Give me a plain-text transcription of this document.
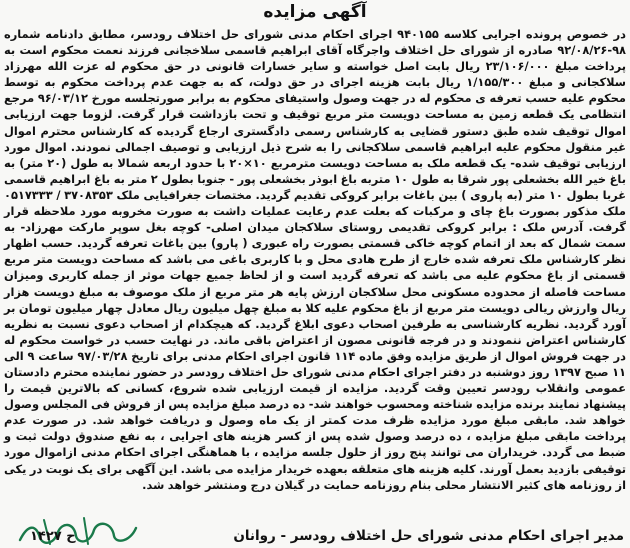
آگهی مزایده

در خصوص پرونده اجرایی کلاسه ۹۴۰۱۵۵ اجرای احکام مدنی شورای حل اختلاف رودسر، مطابق دادنامه شماره ۹۸-۹۲/۰۸/۲۶ صادره از شورای حل اختلاف واجرگاه آقای ابراهیم قاسمی سلاخجانی فرزند نعمت محکوم است به پرداخت مبلغ ۲۳/۱۰۶/۰۰۰ ریال بابت اصل خواسته و سایر خسارات قانونی در حق محکوم له عزت الله مهرزاد سلاکجانی و مبلغ ۱/۱۵۵/۳۰۰ ریال بابت هزینه اجرای در حق دولت، که به جهت عدم پرداخت محکوم به توسط محکوم علیه حسب تعرفه ی محکوم له در جهت وصول واستیفای محکوم به برابر صورتجلسه مورخ ۹۶/۰۳/۱۲ مرجع انتظامی یک قطعه زمین به مساحت دویست متر مربع توقیف و تحت بازداشت قرار گرفت. لزوما جهت ارزیابی اموال توقیف شده طبق دستور قضایی به کارشناس رسمی دادگستری ارجاع گردیده که کارشناس محترم اموال غیر منقول محکوم علیه ابراهیم قاسمی سلاکجانی را به شرح ذیل ارزیابی و توصیف اجمالی نمودند. اموال مورد ارزیابی توقیف شده- یک قطعه ملک به مساحت دویست مترمربع ۱۰×۲۰ با حدود اربعه شمالا به طول (۲۰ متر) به باغ خیر الله بخشعلی پور شرقا به طول ۱۰ متربه باغ ابوذر بخشعلی پور - جنوبا بطول ۲ متر به باغ ابراهیم قاسمی غربا بطول ۱۰ متر (به پاروی ) بین باغات برابر کروکی تقدیم گردید. مختصات جغرافیایی ملک ۳۷۰۸۳۵۳ / ۰۵۱۷۳۳۳ ملک مذکور بصورت باغ چای و مرکبات که بعلت عدم رعایت عملیات داشت به صورت مخروبه مورد ملاحظه قرار گرفت. آدرس ملک : برابر کروکی تقدیمی روستای سلاکجان میدان اصلی- کوچه بغل سوپر مارکت مهرزاد- به سمت شمال که بعد از اتمام کوچه خاکی قسمتی بصورت راه عبوری ( پارو) بین باغات تعرفه گردید. حسب اظهار نظر کارشناس ملک تعرفه شده خارج از طرح هادی محل و با کاربری باغی می باشد که مساحت دویست متر مربع قسمتی از باغ محکوم علیه می باشد که تعرفه گردید است و از لحاظ جمیع جهات موثر از جمله کاربری ومیزان مساحت فاصله از محدوده مسکونی محل سلاکجان ارزش پایه هر متر مربع از ملک موصوف به مبلغ دویست هزار ریال وارزش ریالی دویست متر مربع از باغ محکوم علیه کلا به مبلغ چهل میلیون ریال معادل چهار میلیون تومان بر آورد گردید. نظریه کارشناسی به طرفین اصحاب دعوی ابلاغ گردید. که هیچکدام از اصحاب دعوی نسبت به نظریه کارشناس اعتراض ننمودند و در فرجه قانونی مصون از اعتراض باقی ماند. در نهایت حسب در خواست محکوم له در جهت فروش اموال از طریق مزایده وفق ماده ۱۱۴ قانون اجرای احکام مدنی برای تاریخ ۹۷/۰۳/۲۸ ساعت ۹ الی ۱۱ صبح ۱۳۹۷ روز دوشنبه در دفتر اجرای احکام مدنی شورای حل اختلاف رودسر در حضور نماینده محترم دادستان عمومی وانقلاب رودسر تعیین وقت گردید. مزایده از قیمت ارزیابی شده شروع، کسانی که بالاترین قیمت را پیشنهاد نمایند برنده مزایده شناخته ومحسوب خواهند شد- ده درصد مبلغ مزایده پس از فروش فی المجلس وصول خواهد شد. مابقی مبلغ مورد مزایده ظرف مدت کمتر از یک ماه وصول و دریافت خواهد شد. در صورت عدم پرداخت مابقی مبلغ مزایده ، ده درصد وصول شده پس از کسر هزینه های اجرایی ، به نفع صندوق دولت ثبت و ضبط می گردد. خریداران می توانند پنج روز از حلول جلسه مزایده ، با هماهنگی اجرای احکام مدنی ازاموال مورد توقیفی بازدید بعمل آورند. کلیه هزینه های متعلقه بعهده خریدار مزایده می باشد. این آگهی برای یک نوبت در یکی از روزنامه های کثیر الانتشار محلی بنام روزنامه حمایت در گیلان درج ومنتشر خواهد شد.

مدیر اجرای احکام مدنی شورای حل اختلاف رودسر - روانان
ح ۱۴۲۷
